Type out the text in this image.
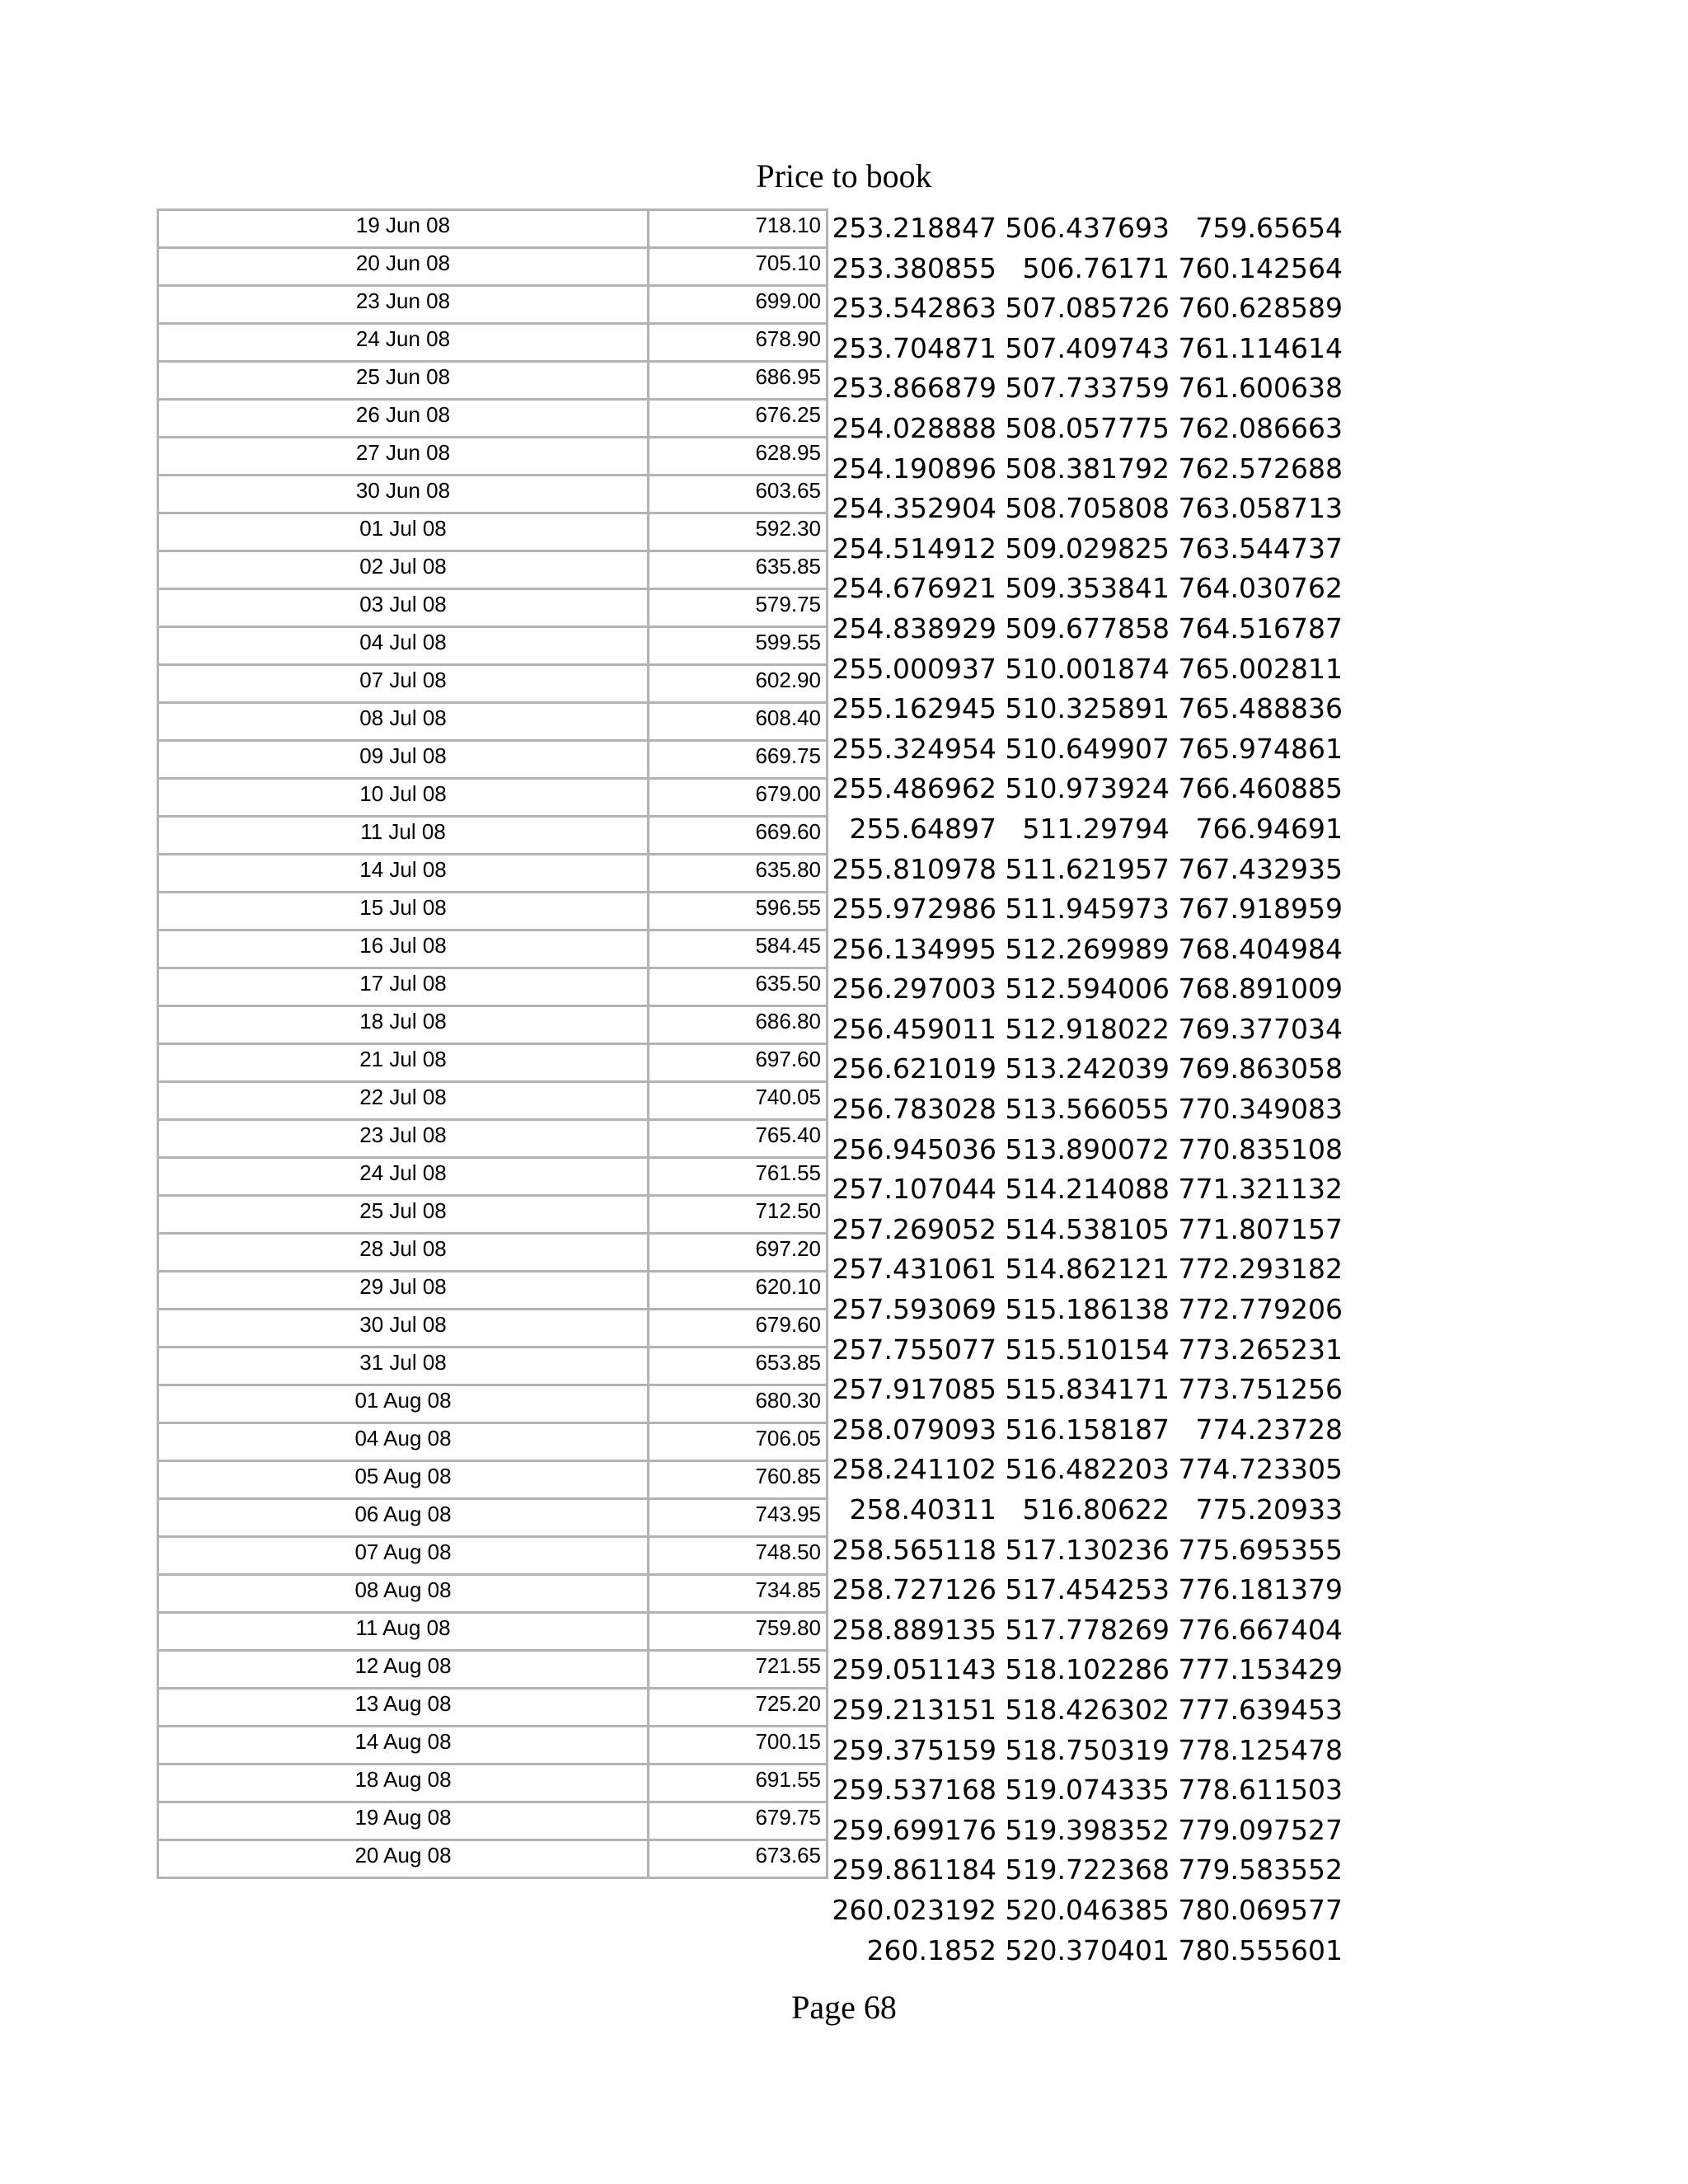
Price to book
19 Jun 08	718.10
20 Jun 08	705.10
23 Jun 08	699.00
24 Jun 08	678.90
25 Jun 08	686.95
26 Jun 08	676.25
27 Jun 08	628.95
30 Jun 08	603.65
01 Jul 08	592.30
02 Jul 08	635.85
03 Jul 08	579.75
04 Jul 08	599.55
07 Jul 08	602.90
08 Jul 08	608.40
09 Jul 08	669.75
10 Jul 08	679.00
11 Jul 08	669.60
14 Jul 08	635.80
15 Jul 08	596.55
16 Jul 08	584.45
17 Jul 08	635.50
18 Jul 08	686.80
21 Jul 08	697.60
22 Jul 08	740.05
23 Jul 08	765.40
24 Jul 08	761.55
25 Jul 08	712.50
28 Jul 08	697.20
29 Jul 08	620.10
30 Jul 08	679.60
31 Jul 08	653.85
01 Aug 08	680.30
04 Aug 08	706.05
05 Aug 08	760.85
06 Aug 08	743.95
07 Aug 08	748.50
08 Aug 08	734.85
11 Aug 08	759.80
12 Aug 08	721.55
13 Aug 08	725.20
14 Aug 08	700.15
18 Aug 08	691.55
19 Aug 08	679.75
20 Aug 08	673.65
253.218847 506.437693 759.65654
253.380855 506.76171 760.142564
253.542863 507.085726 760.628589
253.704871 507.409743 761.114614
253.866879 507.733759 761.600638
254.028888 508.057775 762.086663
254.190896 508.381792 762.572688
254.352904 508.705808 763.058713
254.514912 509.029825 763.544737
254.676921 509.353841 764.030762
254.838929 509.677858 764.516787
255.000937 510.001874 765.002811
255.162945 510.325891 765.488836
255.324954 510.649907 765.974861
255.486962 510.973924 766.460885
255.64897 511.29794 766.94691
255.810978 511.621957 767.432935
255.972986 511.945973 767.918959
256.134995 512.269989 768.404984
256.297003 512.594006 768.891009
256.459011 512.918022 769.377034
256.621019 513.242039 769.863058
256.783028 513.566055 770.349083
256.945036 513.890072 770.835108
257.107044 514.214088 771.321132
257.269052 514.538105 771.807157
257.431061 514.862121 772.293182
257.593069 515.186138 772.779206
257.755077 515.510154 773.265231
257.917085 515.834171 773.751256
258.079093 516.158187 774.23728
258.241102 516.482203 774.723305
258.40311 516.80622 775.20933
258.565118 517.130236 775.695355
258.727126 517.454253 776.181379
258.889135 517.778269 776.667404
259.051143 518.102286 777.153429
259.213151 518.426302 777.639453
259.375159 518.750319 778.125478
259.537168 519.074335 778.611503
259.699176 519.398352 779.097527
259.861184 519.722368 779.583552
260.023192 520.046385 780.069577
260.1852 520.370401 780.555601
Page 68
